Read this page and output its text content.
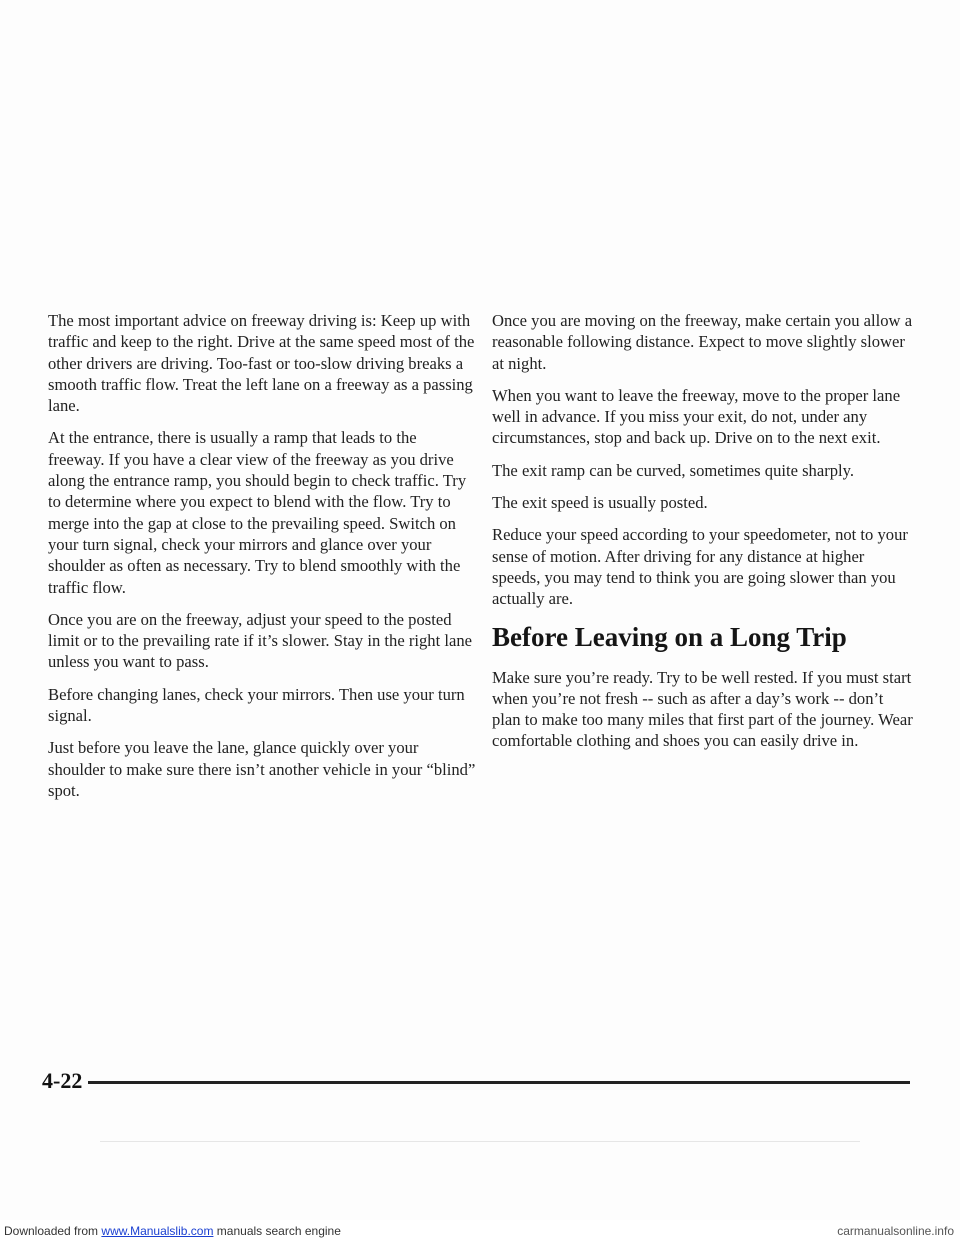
The most important advice on freeway driving is: Keep up with traffic and keep to the right. Drive at the same speed most of the other drivers are driving. Too-fast or too-slow driving breaks a smooth traffic flow. Treat the left lane on a freeway as a passing lane.

At the entrance, there is usually a ramp that leads to the freeway. If you have a clear view of the freeway as you drive along the entrance ramp, you should begin to check traffic. Try to determine where you expect to blend with the flow. Try to merge into the gap at close to the prevailing speed. Switch on your turn signal, check your mirrors and glance over your shoulder as often as necessary. Try to blend smoothly with the traffic flow.

Once you are on the freeway, adjust your speed to the posted limit or to the prevailing rate if it’s slower. Stay in the right lane unless you want to pass.

Before changing lanes, check your mirrors. Then use your turn signal.

Just before you leave the lane, glance quickly over your shoulder to make sure there isn’t another vehicle in your “blind” spot.

Once you are moving on the freeway, make certain you allow a reasonable following distance. Expect to move slightly slower at night.

When you want to leave the freeway, move to the proper lane well in advance. If you miss your exit, do not, under any circumstances, stop and back up. Drive on to the next exit.

The exit ramp can be curved, sometimes quite sharply.

The exit speed is usually posted.

Reduce your speed according to your speedometer, not to your sense of motion. After driving for any distance at higher speeds, you may tend to think you are going slower than you actually are.

Before Leaving on a Long Trip

Make sure you’re ready. Try to be well rested. If you must start when you’re not fresh -- such as after a day’s work -- don’t plan to make too many miles that first part of the journey. Wear comfortable clothing and shoes you can easily drive in.

4-22
Downloaded from www.Manualslib.com manuals search engine	carmanualsonline.info
